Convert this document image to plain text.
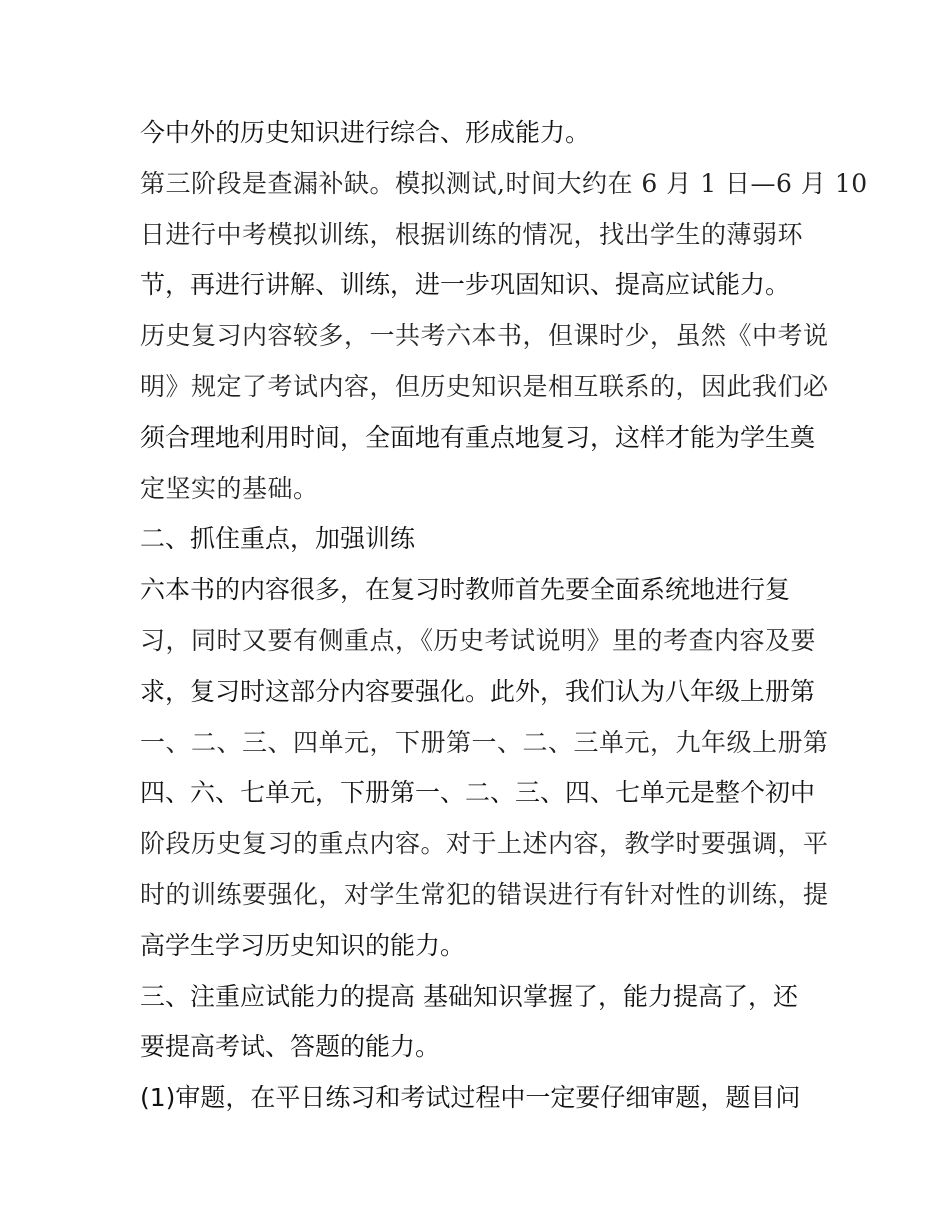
今中外的历史知识进行综合、形成能力。
第三阶段是查漏补缺。模拟测试,时间大约在 6 月 1 日—6 月 10
日进行中考模拟训练，根据训练的情况，找出学生的薄弱环
节，再进行讲解、训练，进一步巩固知识、提高应试能力。
历史复习内容较多，一共考六本书，但课时少，虽然《中考说
明》规定了考试内容，但历史知识是相互联系的，因此我们必
须合理地利用时间，全面地有重点地复习，这样才能为学生奠
定坚实的基础。
二、抓住重点，加强训练
六本书的内容很多，在复习时教师首先要全面系统地进行复
习，同时又要有侧重点，《历史考试说明》里的考查内容及要
求，复习时这部分内容要强化。此外，我们认为八年级上册第
一、二、三、四单元，下册第一、二、三单元，九年级上册第
四、六、七单元，下册第一、二、三、四、七单元是整个初中
阶段历史复习的重点内容。对于上述内容，教学时要强调，平
时的训练要强化，对学生常犯的错误进行有针对性的训练，提
高学生学习历史知识的能力。
三、注重应试能力的提高 基础知识掌握了，能力提高了，还
要提高考试、答题的能力。
(1)审题，在平日练习和考试过程中一定要仔细审题，题目问
